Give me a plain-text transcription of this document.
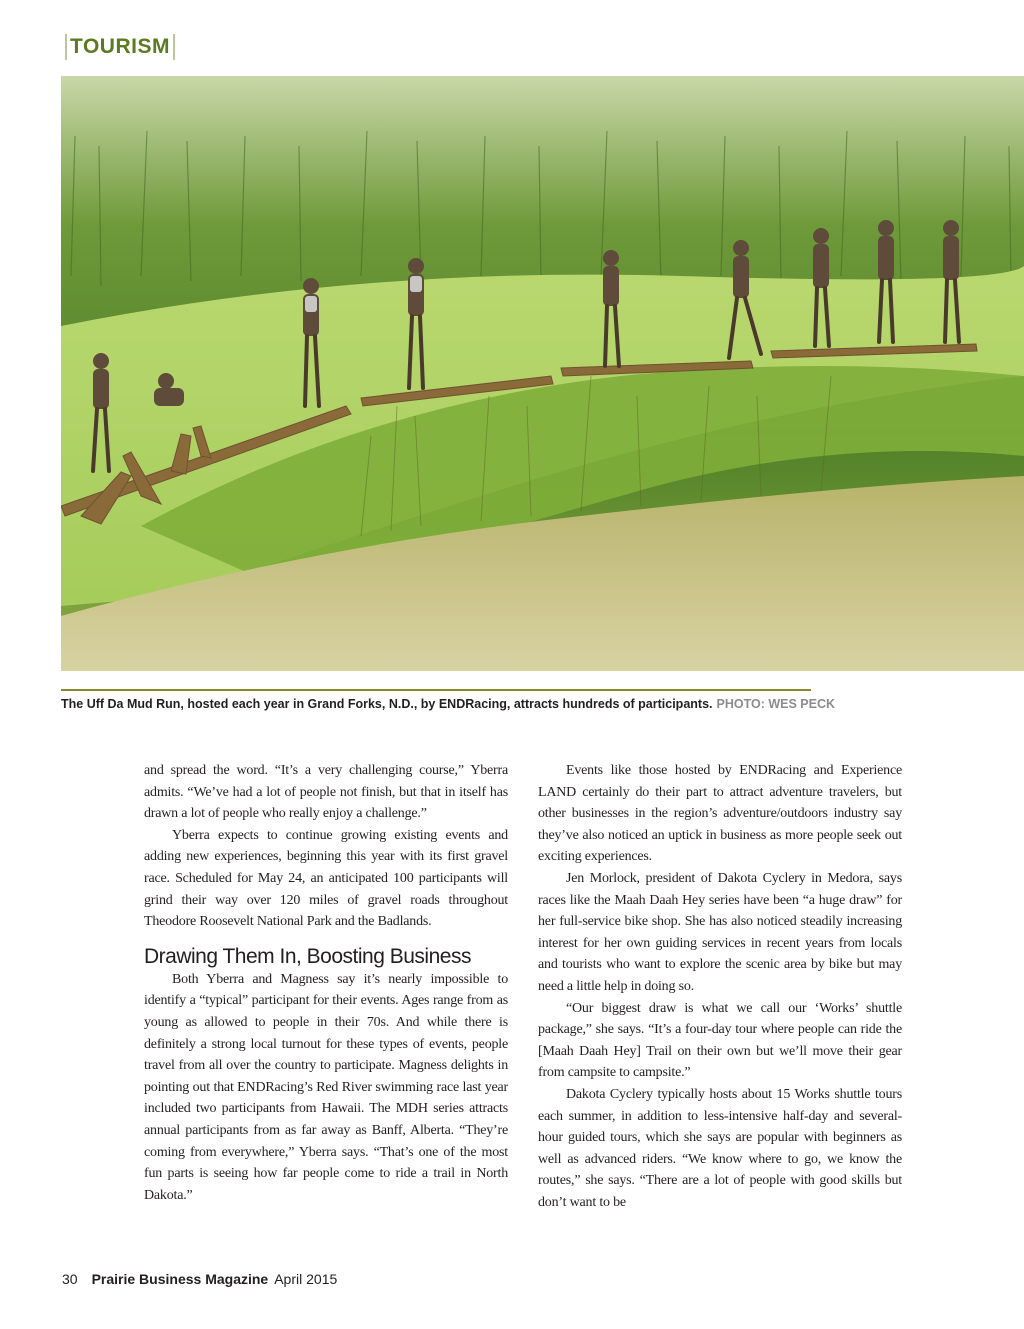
TOURISM
The Uff Da Mud Run, hosted each year in Grand Forks, N.D., by ENDRacing, attracts hundreds of participants. PHOTO: WES PECK

and spread the word. “It’s a very challenging course,” Yberra admits. “We’ve had a lot of people not finish, but that in itself has drawn a lot of people who really enjoy a challenge.”

Yberra expects to continue growing existing events and adding new experiences, beginning this year with its first gravel race. Scheduled for May 24, an anticipated 100 participants will grind their way over 120 miles of gravel roads throughout Theodore Roosevelt National Park and the Badlands.

Drawing Them In, Boosting Business

Both Yberra and Magness say it’s nearly impossible to identify a “typical” participant for their events. Ages range from as young as allowed to people in their 70s. And while there is definitely a strong local turnout for these types of events, people travel from all over the country to participate. Magness delights in pointing out that ENDRacing’s Red River swimming race last year included two participants from Hawaii. The MDH series attracts annual participants from as far away as Banff, Alberta. “They’re coming from everywhere,” Yberra says. “That’s one of the most fun parts is seeing how far people come to ride a trail in North Dakota.”

Events like those hosted by ENDRacing and Experience LAND certainly do their part to attract adventure travelers, but other businesses in the region’s adventure/outdoors industry say they’ve also noticed an uptick in business as more people seek out exciting experiences.

Jen Morlock, president of Dakota Cyclery in Medora, says races like the Maah Daah Hey series have been “a huge draw” for her full-service bike shop. She has also noticed steadily increasing interest for her own guiding services in recent years from locals and tourists who want to explore the scenic area by bike but may need a little help in doing so.

“Our biggest draw is what we call our ‘Works’ shuttle package,” she says. “It’s a four-day tour where people can ride the [Maah Daah Hey] Trail on their own but we’ll move their gear from campsite to campsite.”

Dakota Cyclery typically hosts about 15 Works shuttle tours each summer, in addition to less-intensive half-day and several-hour guided tours, which she says are popular with beginners as well as advanced riders. “We know where to go, we know the routes,” she says. “There are a lot of people with good skills but don’t want to be

30 Prairie Business Magazine April 2015
